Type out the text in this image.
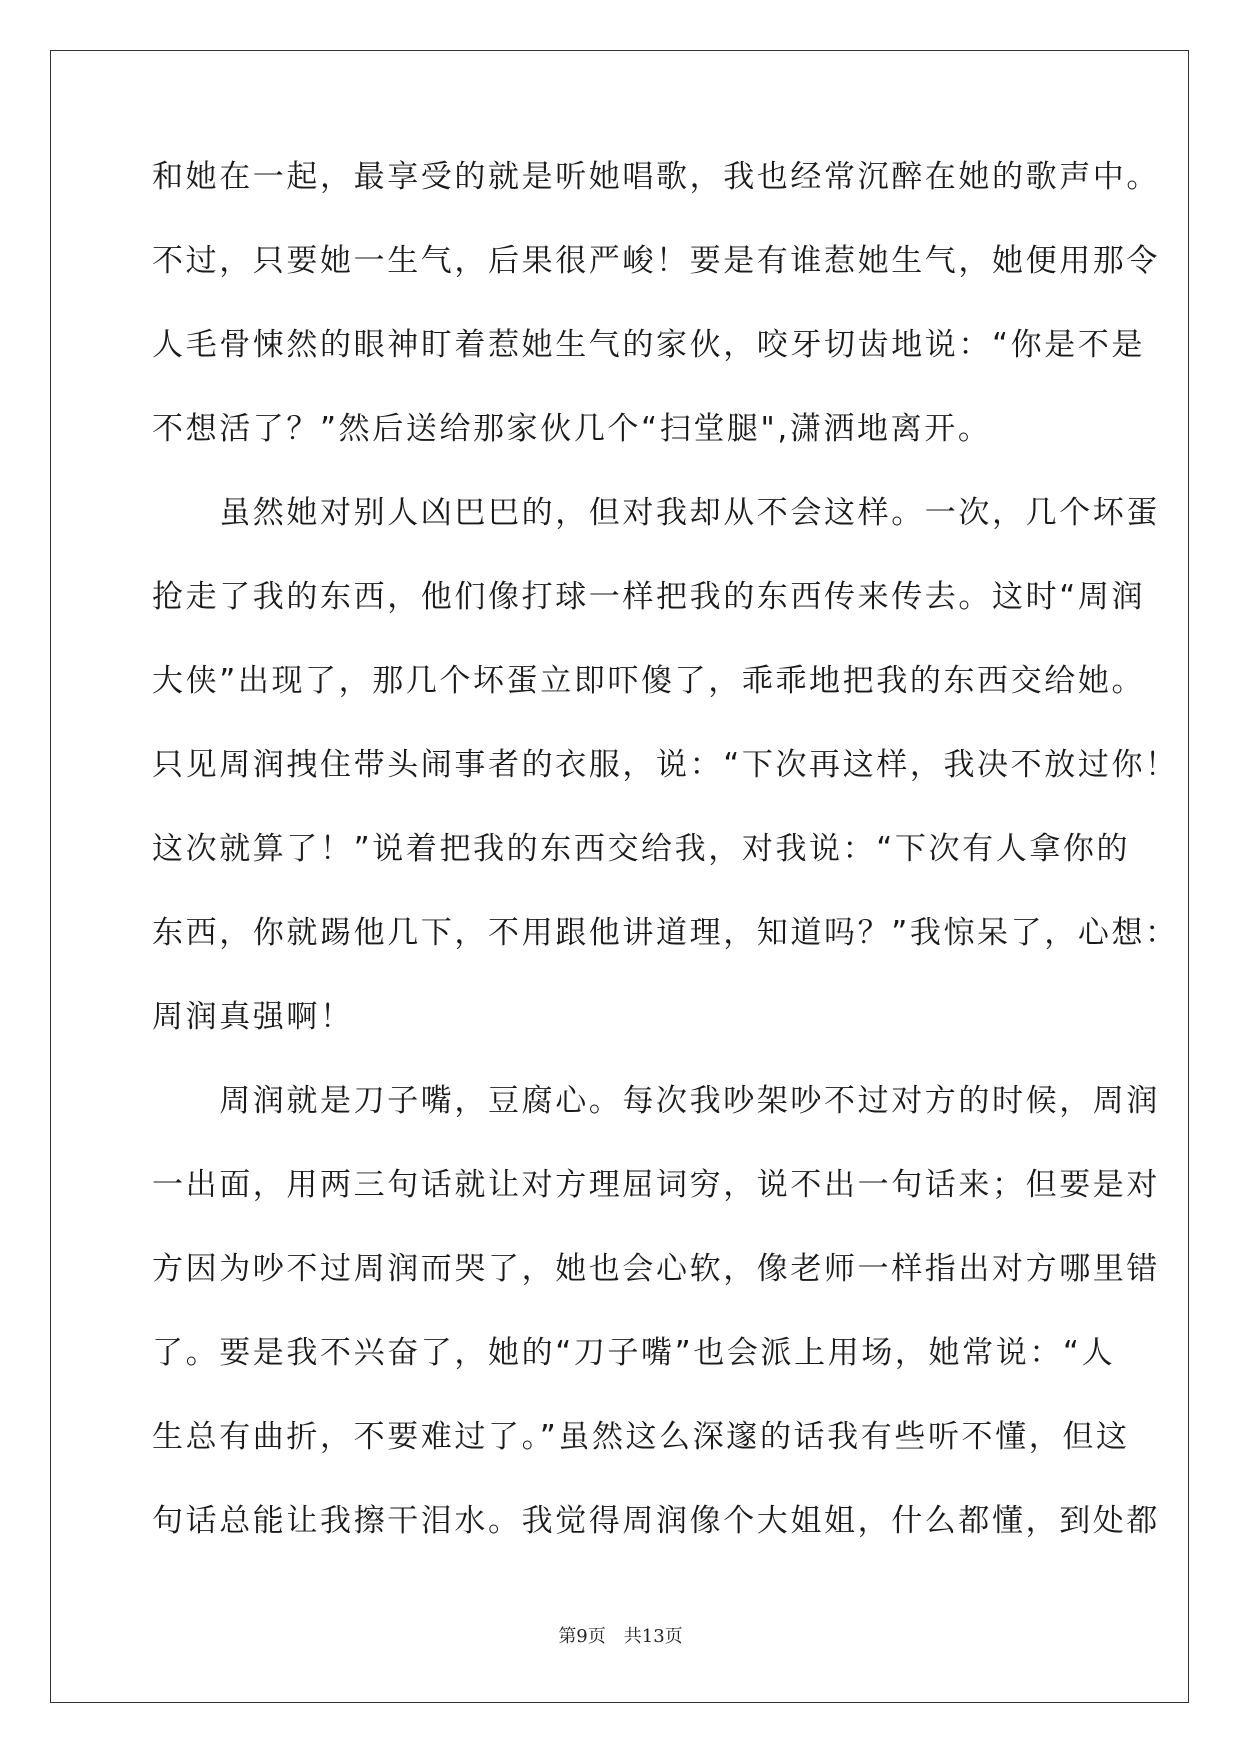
和她在一起，最享受的就是听她唱歌，我也经常沉醉在她的歌声中。
不过，只要她一生气，后果很严峻！要是有谁惹她生气，她便用那令
人毛骨悚然的眼神盯着惹她生气的家伙，咬牙切齿地说：“你是不是
不想活了？”然后送给那家伙几个“扫堂腿",潇洒地离开。
　　虽然她对别人凶巴巴的，但对我却从不会这样。一次，几个坏蛋
抢走了我的东西，他们像打球一样把我的东西传来传去。这时“周润
大侠”出现了，那几个坏蛋立即吓傻了，乖乖地把我的东西交给她。
只见周润拽住带头闹事者的衣服，说：“下次再这样，我决不放过你！
这次就算了！”说着把我的东西交给我，对我说：“下次有人拿你的
东西，你就踢他几下，不用跟他讲道理，知道吗？”我惊呆了，心想：
周润真强啊！
　　周润就是刀子嘴，豆腐心。每次我吵架吵不过对方的时候，周润
一出面，用两三句话就让对方理屈词穷，说不出一句话来；但要是对
方因为吵不过周润而哭了，她也会心软，像老师一样指出对方哪里错
了。要是我不兴奋了，她的“刀子嘴”也会派上用场，她常说：“人
生总有曲折，不要难过了。”虽然这么深邃的话我有些听不懂，但这
句话总能让我擦干泪水。我觉得周润像个大姐姐，什么都懂，到处都
第9页 共13页
